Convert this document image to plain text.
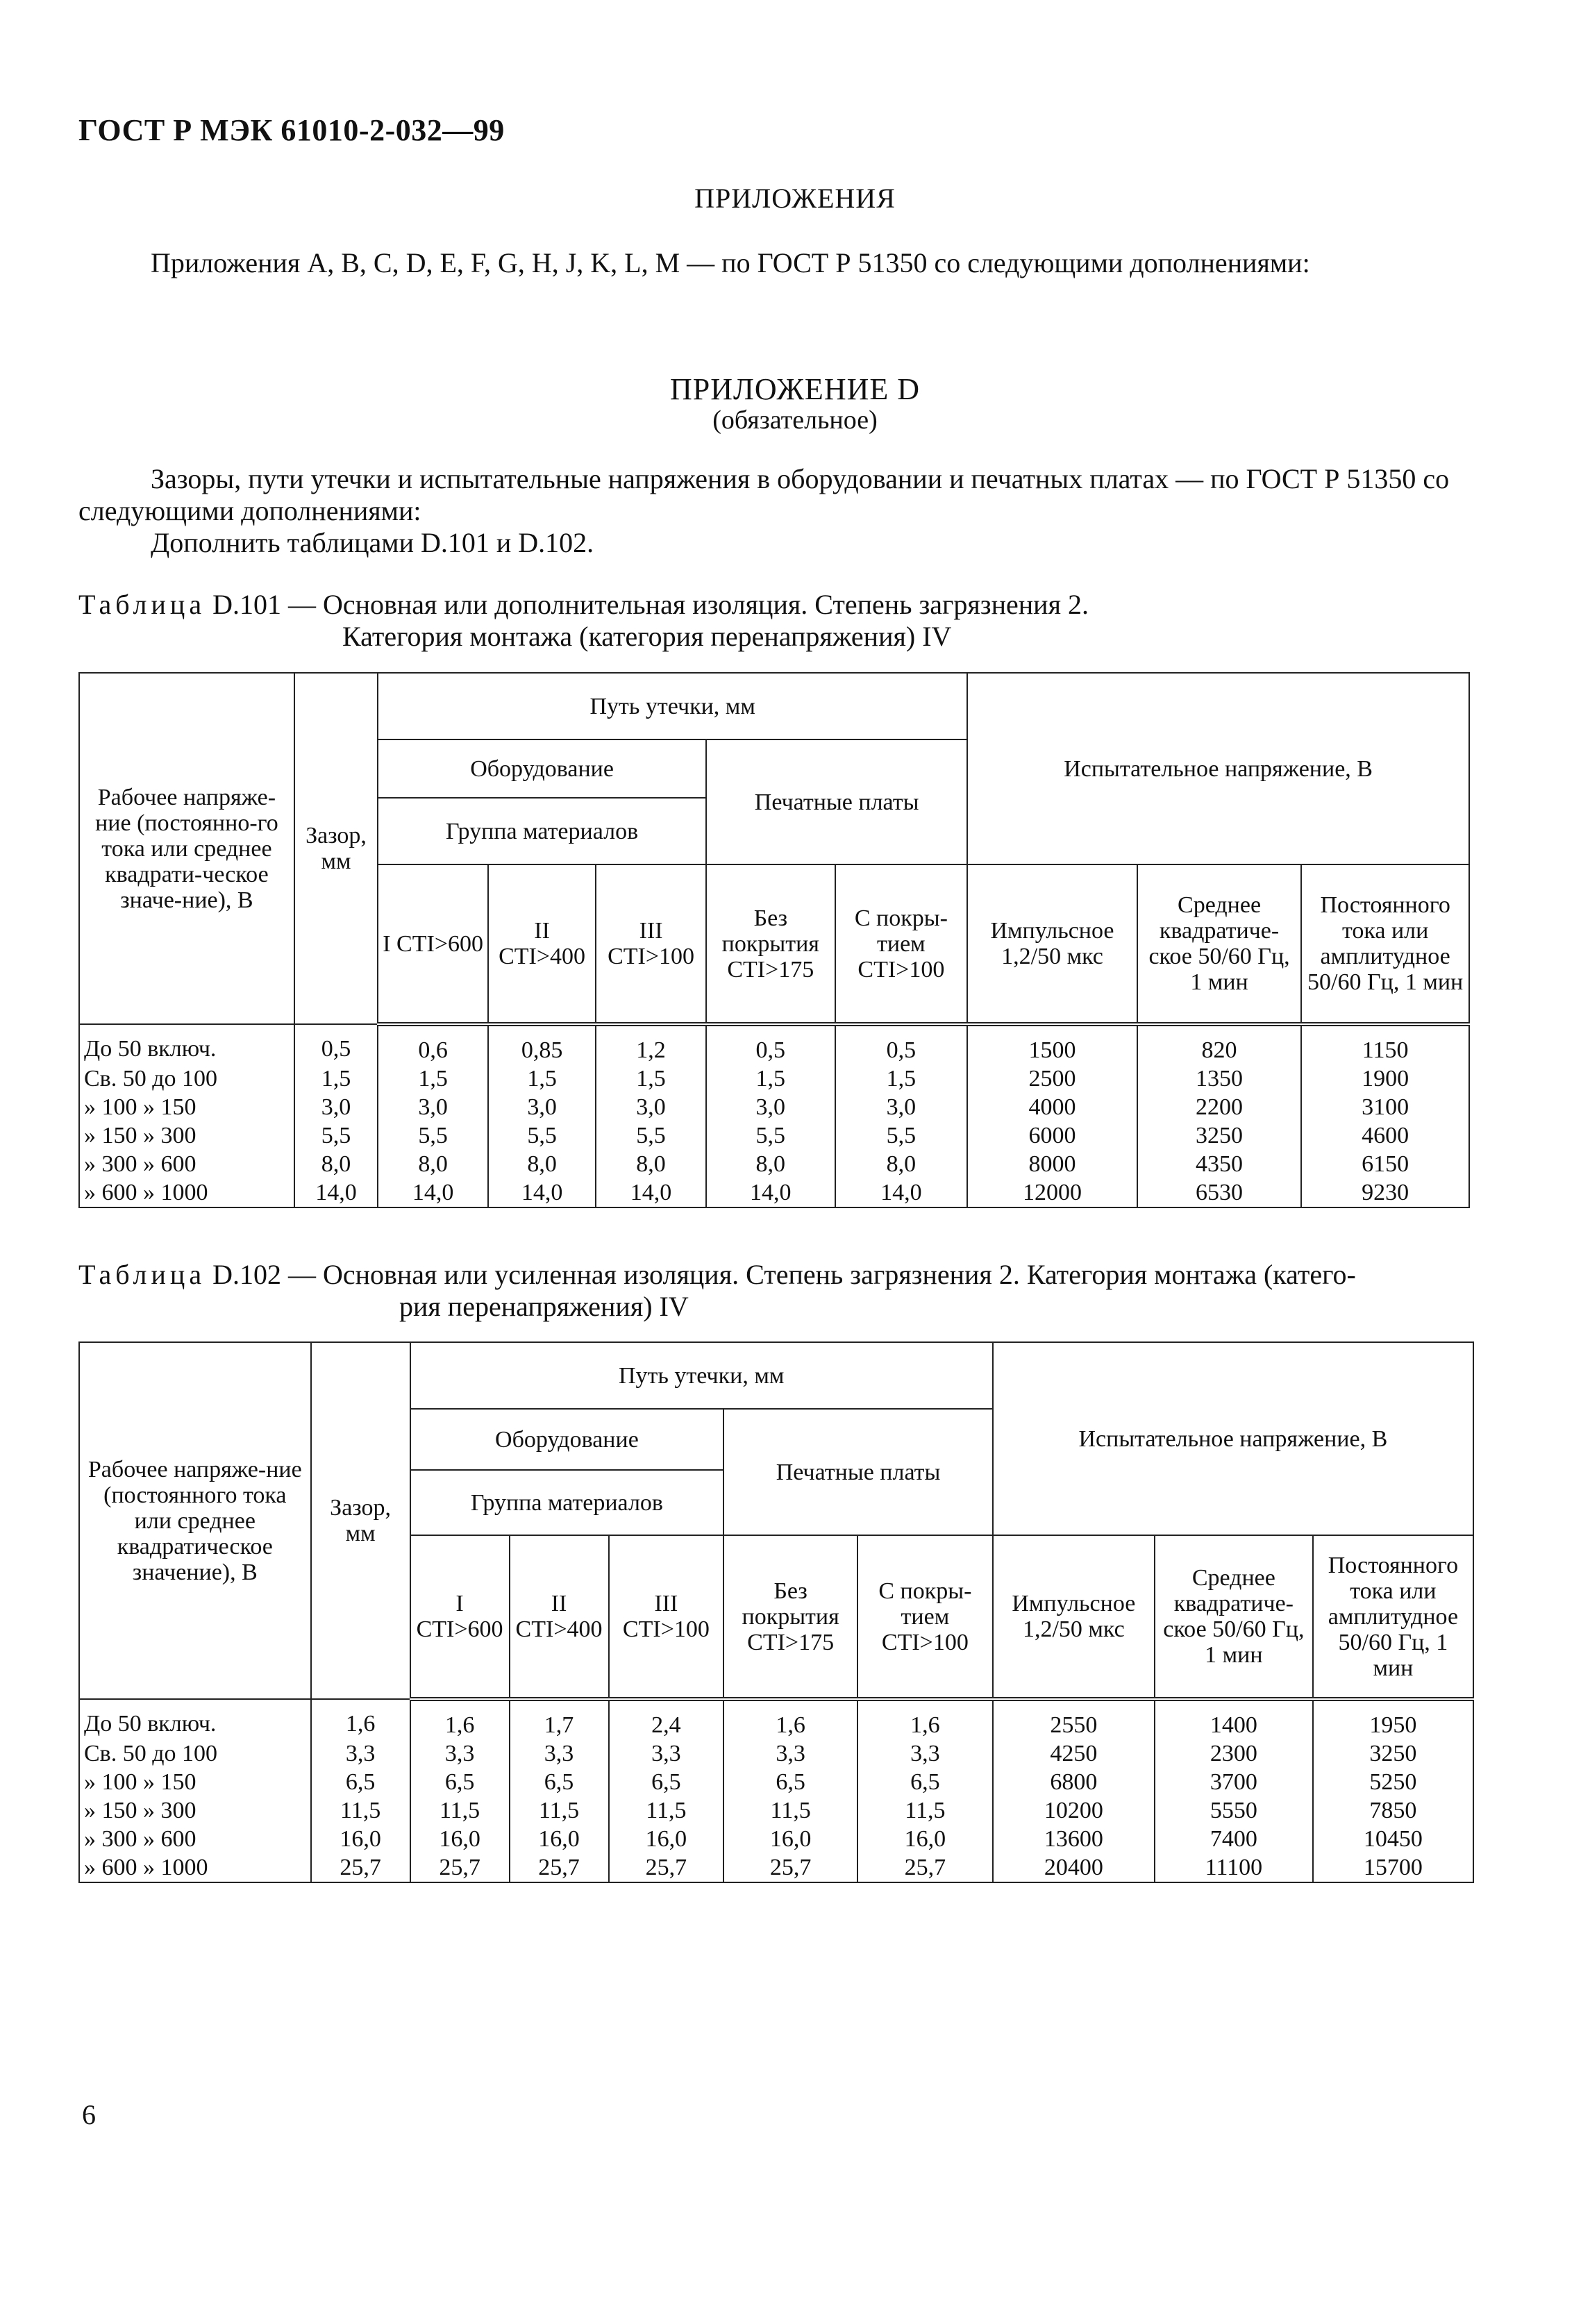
ГОСТ Р МЭК 61010-2-032—99
ПРИЛОЖЕНИЯ
Приложения A, B, C, D, E, F, G, H, J, K, L, M — по ГОСТ Р 51350 со следующими дополнениями:
ПРИЛОЖЕНИЕ D
(обязательное)
Зазоры, пути утечки и испытательные напряжения в оборудовании и печатных платах — по ГОСТ Р 51350 со следующими дополнениями:
Дополнить таблицами D.101 и D.102.
Таблица D.101 — Основная или дополнительная изоляция. Степень загрязнения 2.
Категория монтажа (категория перенапряжения) IV
Рабочее напряже-ние (постоянно-го тока или среднее квадрати-ческое значе-ние), В	Зазор, мм	Путь утечки, мм					Испытательное напряжение, В		
		Оборудование			Печатные платы				
		Группа материалов							
		I CTI>600	II CTI>400	III CTI>100	Без покрытия CTI>175	С покры-тием CTI>100	Импульсное 1,2/50 мкс	Среднее квадратиче-ское 50/60 Гц, 1 мин	Постоянного тока или амплитудное 50/60 Гц, 1 мин
До 50 включ.	0,5	0,6	0,85	1,2	0,5	0,5	1500	820	1150
Св. 50 до 100	1,5	1,5	1,5	1,5	1,5	1,5	2500	1350	1900
» 100 » 150	3,0	3,0	3,0	3,0	3,0	3,0	4000	2200	3100
» 150 » 300	5,5	5,5	5,5	5,5	5,5	5,5	6000	3250	4600
» 300 » 600	8,0	8,0	8,0	8,0	8,0	8,0	8000	4350	6150
» 600 » 1000	14,0	14,0	14,0	14,0	14,0	14,0	12000	6530	9230
Таблица D.102 — Основная или усиленная изоляция. Степень загрязнения 2. Категория монтажа (катего-
рия перенапряжения) IV
Рабочее напряже-ние (постоянного тока или среднее квадратическое значение), В	Зазор, мм	Путь утечки, мм					Испытательное напряжение, В		
		Оборудование			Печатные платы				
		Группа материалов							
		I CTI>600	II CTI>400	III CTI>100	Без покрытия CTI>175	С покры-тием CTI>100	Импульсное 1,2/50 мкс	Среднее квадратиче-ское 50/60 Гц, 1 мин	Постоянного тока или амплитудное 50/60 Гц, 1 мин
До 50 включ.	1,6	1,6	1,7	2,4	1,6	1,6	2550	1400	1950
Св. 50 до 100	3,3	3,3	3,3	3,3	3,3	3,3	4250	2300	3250
» 100 » 150	6,5	6,5	6,5	6,5	6,5	6,5	6800	3700	5250
» 150 » 300	11,5	11,5	11,5	11,5	11,5	11,5	10200	5550	7850
» 300 » 600	16,0	16,0	16,0	16,0	16,0	16,0	13600	7400	10450
» 600 » 1000	25,7	25,7	25,7	25,7	25,7	25,7	20400	11100	15700
6
